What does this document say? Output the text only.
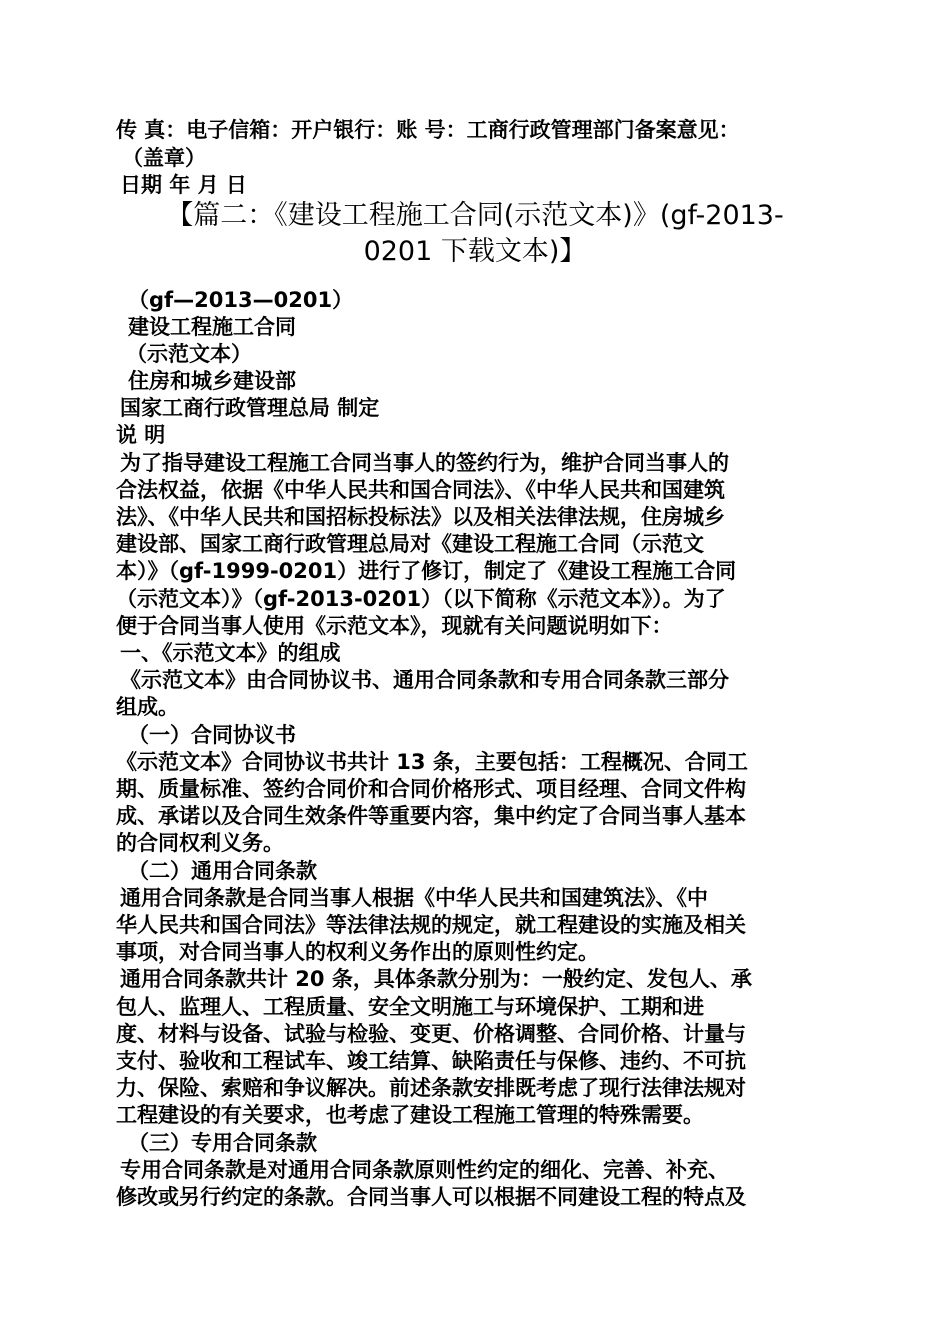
传 真：电子信箱：开户银行：账 号：工商行政管理部门备案意见：
（盖章）
日期 年 月 日
【篇二：《建设工程施工合同(示范文本)》(gf-2013-
0201 下载文本)】
（gf—2013—0201）
建设工程施工合同
（示范文本）
住房和城乡建设部
国家工商行政管理总局 制定
说 明
为了指导建设工程施工合同当事人的签约行为，维护合同当事人的
合法权益，依据《中华人民共和国合同法》、《中华人民共和国建筑
法》、《中华人民共和国招标投标法》以及相关法律法规，住房城乡
建设部、国家工商行政管理总局对《建设工程施工合同（示范文
本）》（gf-1999-0201）进行了修订，制定了《建设工程施工合同
（示范文本）》（gf-2013-0201）（以下简称《示范文本》）。为了
便于合同当事人使用《示范文本》，现就有关问题说明如下：
一、《示范文本》的组成
《示范文本》由合同协议书、通用合同条款和专用合同条款三部分
组成。
（一）合同协议书
《示范文本》合同协议书共计 13 条，主要包括：工程概况、合同工
期、质量标准、签约合同价和合同价格形式、项目经理、合同文件构
成、承诺以及合同生效条件等重要内容，集中约定了合同当事人基本
的合同权利义务。
（二）通用合同条款
通用合同条款是合同当事人根据《中华人民共和国建筑法》、《中
华人民共和国合同法》等法律法规的规定，就工程建设的实施及相关
事项，对合同当事人的权利义务作出的原则性约定。
通用合同条款共计 20 条，具体条款分别为：一般约定、发包人、承
包人、监理人、工程质量、安全文明施工与环境保护、工期和进
度、材料与设备、试验与检验、变更、价格调整、合同价格、计量与
支付、验收和工程试车、竣工结算、缺陷责任与保修、违约、不可抗
力、保险、索赔和争议解决。前述条款安排既考虑了现行法律法规对
工程建设的有关要求，也考虑了建设工程施工管理的特殊需要。
（三）专用合同条款
专用合同条款是对通用合同条款原则性约定的细化、完善、补充、
修改或另行约定的条款。合同当事人可以根据不同建设工程的特点及
